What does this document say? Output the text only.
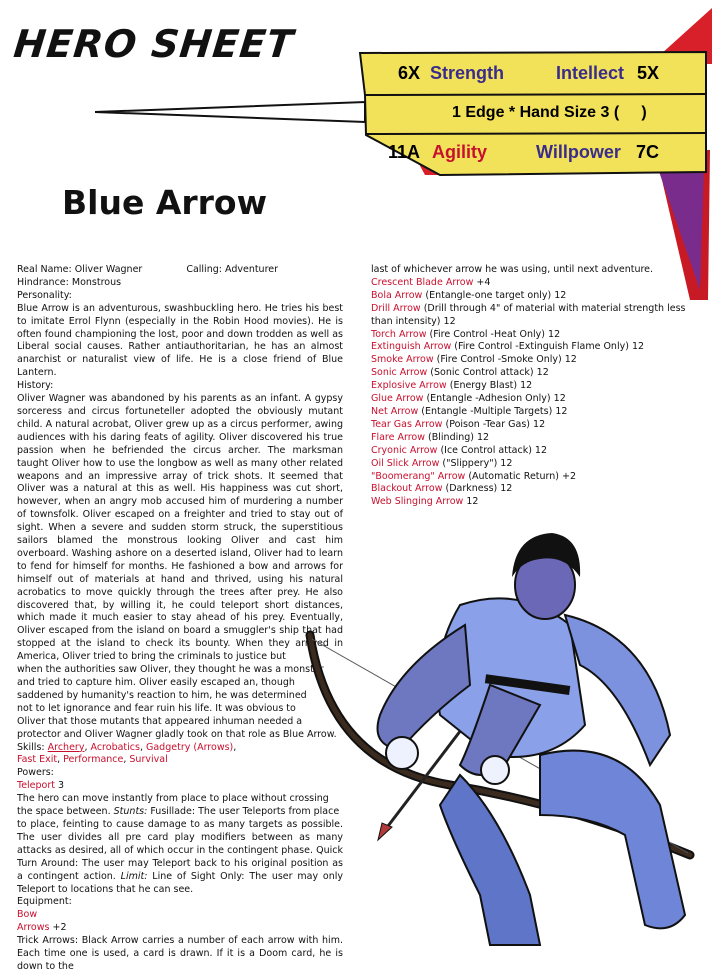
HERO SHEET
Blue Arrow
6X Strength	Intellect 5X
1 Edge * Hand Size 3 (     )
11A Agility	Willpower 7C

Real Name: Oliver Wagner	Calling: Adventurer

Hindrance: Monstrous

Personality:

Blue Arrow is an adventurous, swashbuckling hero. He tries his best to imitate Errol Flynn (especially in the Robin Hood movies). He is often found championing the lost, poor and down trodden as well as Liberal social causes. Rather antiauthoritarian, he has an almost anarchist or naturalist view of life. He is a close friend of Blue Lantern.

History:

Oliver Wagner was abandoned by his parents as an infant. A gypsy sorceress and circus fortuneteller adopted the obviously mutant child. A natural acrobat, Oliver grew up as a circus performer, awing audiences with his daring feats of agility. Oliver discovered his true passion when he befriended the circus archer. The marksman taught Oliver how to use the longbow as well as many other related weapons and an impressive array of trick shots. It seemed that Oliver was a natural at this as well. His happiness was cut short, however, when an angry mob accused him of murdering a number of townsfolk. Oliver escaped on a freighter and tried to stay out of sight. When a severe and sudden storm struck, the superstitious sailors blamed the monstrous looking Oliver and cast him overboard. Washing ashore on a deserted island, Oliver had to learn to fend for himself for months. He fashioned a bow and arrows for himself out of materials at hand and thrived, using his natural acrobatics to move quickly through the trees after prey. He also discovered that, by willing it, he could teleport short distances, which made it much easier to stay ahead of his prey. Eventually, Oliver escaped from the island on board a smuggler's ship that had stopped at the island to check its bounty. When they arrived in America, Oliver tried to bring the criminals to justice but

when the authorities saw Oliver, they thought he was a monster

and tried to capture him. Oliver easily escaped an, though

saddened by humanity's reaction to him, he was determined

not to let ignorance and fear ruin his life. It was obvious to

Oliver that those mutants that appeared inhuman needed a

protector and Oliver Wagner gladly took on that role as Blue Arrow.

Skills: Archery, Acrobatics, Gadgetry (Arrows),

Fast Exit, Performance, Survival

Powers:

Teleport 3

The hero can move instantly from place to place without crossing

the space between. Stunts: Fusillade: The user Teleports from place

to place, feinting to cause damage to as many targets as possible. The user divides all pre card play modifiers between as many attacks as desired, all of which occur in the contingent phase. Quick Turn Around: The user may Teleport back to his original position as a contingent action. Limit: Line of Sight Only: The user may only Teleport to locations that he can see.

Equipment:

Bow

Arrows +2

Trick Arrows: Black Arrow carries a number of each arrow with him. Each time one is used, a card is drawn. If it is a Doom card, he is down to the

last of whichever arrow he was using, until next adventure.

Crescent Blade Arrow +4

Bola Arrow (Entangle-one target only) 12

Drill Arrow (Drill through 4" of material with material strength less than intensity) 12

Torch Arrow (Fire Control -Heat Only) 12

Extinguish Arrow (Fire Control -Extinguish Flame Only) 12

Smoke Arrow (Fire Control -Smoke Only) 12

Sonic Arrow (Sonic Control attack) 12

Explosive Arrow (Energy Blast) 12

Glue Arrow (Entangle -Adhesion Only) 12

Net Arrow (Entangle -Multiple Targets) 12

Tear Gas Arrow (Poison -Tear Gas) 12

Flare Arrow (Blinding) 12

Cryonic Arrow (Ice Control attack) 12

Oil Slick Arrow ("Slippery") 12

"Boomerang" Arrow (Automatic Return) +2

Blackout Arrow (Darkness) 12

Web Slinging Arrow 12
